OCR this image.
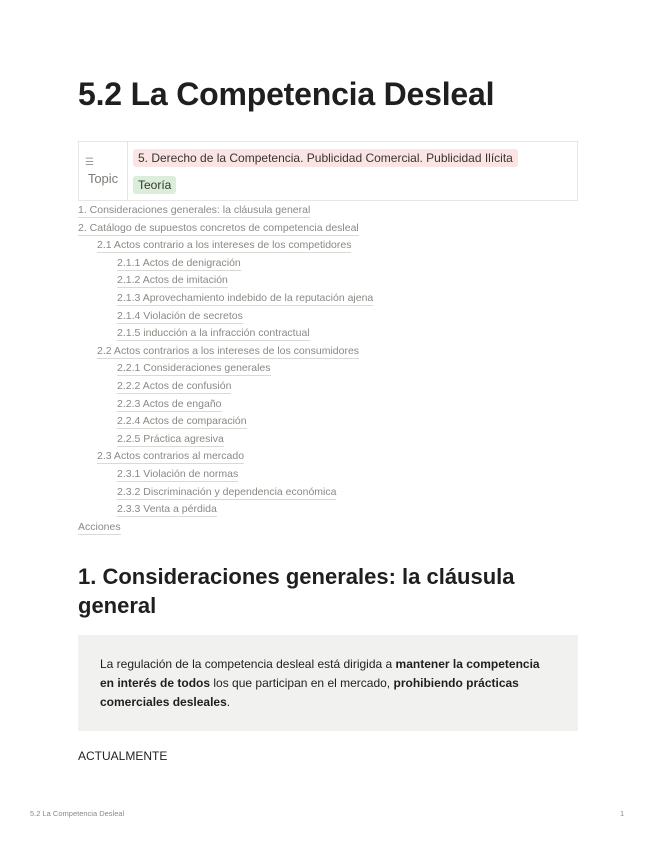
5.2 La Competencia Desleal
☰
Topic
5. Derecho de la Competencia. Publicidad Comercial. Publicidad Ilícita
Teoría
1. Consideraciones generales: la cláusula general
2. Catálogo de supuestos concretos de competencia desleal
2.1 Actos contrario a los intereses de los competidores
2.1.1 Actos de denigración
2.1.2 Actos de imitación
2.1.3 Aprovechamiento indebido de la reputación ajena
2.1.4 Violación de secretos
2.1.5 inducción a la infracción contractual
2.2 Actos contrarios a los intereses de los consumidores
2.2.1 Consideraciones generales
2.2.2 Actos de confusión
2.2.3 Actos de engaño
2.2.4 Actos de comparación
2.2.5 Práctica agresiva
2.3 Actos contrarios al mercado
2.3.1 Violación de normas
2.3.2 Discriminación y dependencia económica
2.3.3 Venta a pérdida
Acciones
1. Consideraciones generales: la cláusula general
La regulación de la competencia desleal está dirigida a mantener la competencia en interés de todos los que participan en el mercado, prohibiendo prácticas comerciales desleales.
ACTUALMENTE
5.2 La Competencia Desleal	1
